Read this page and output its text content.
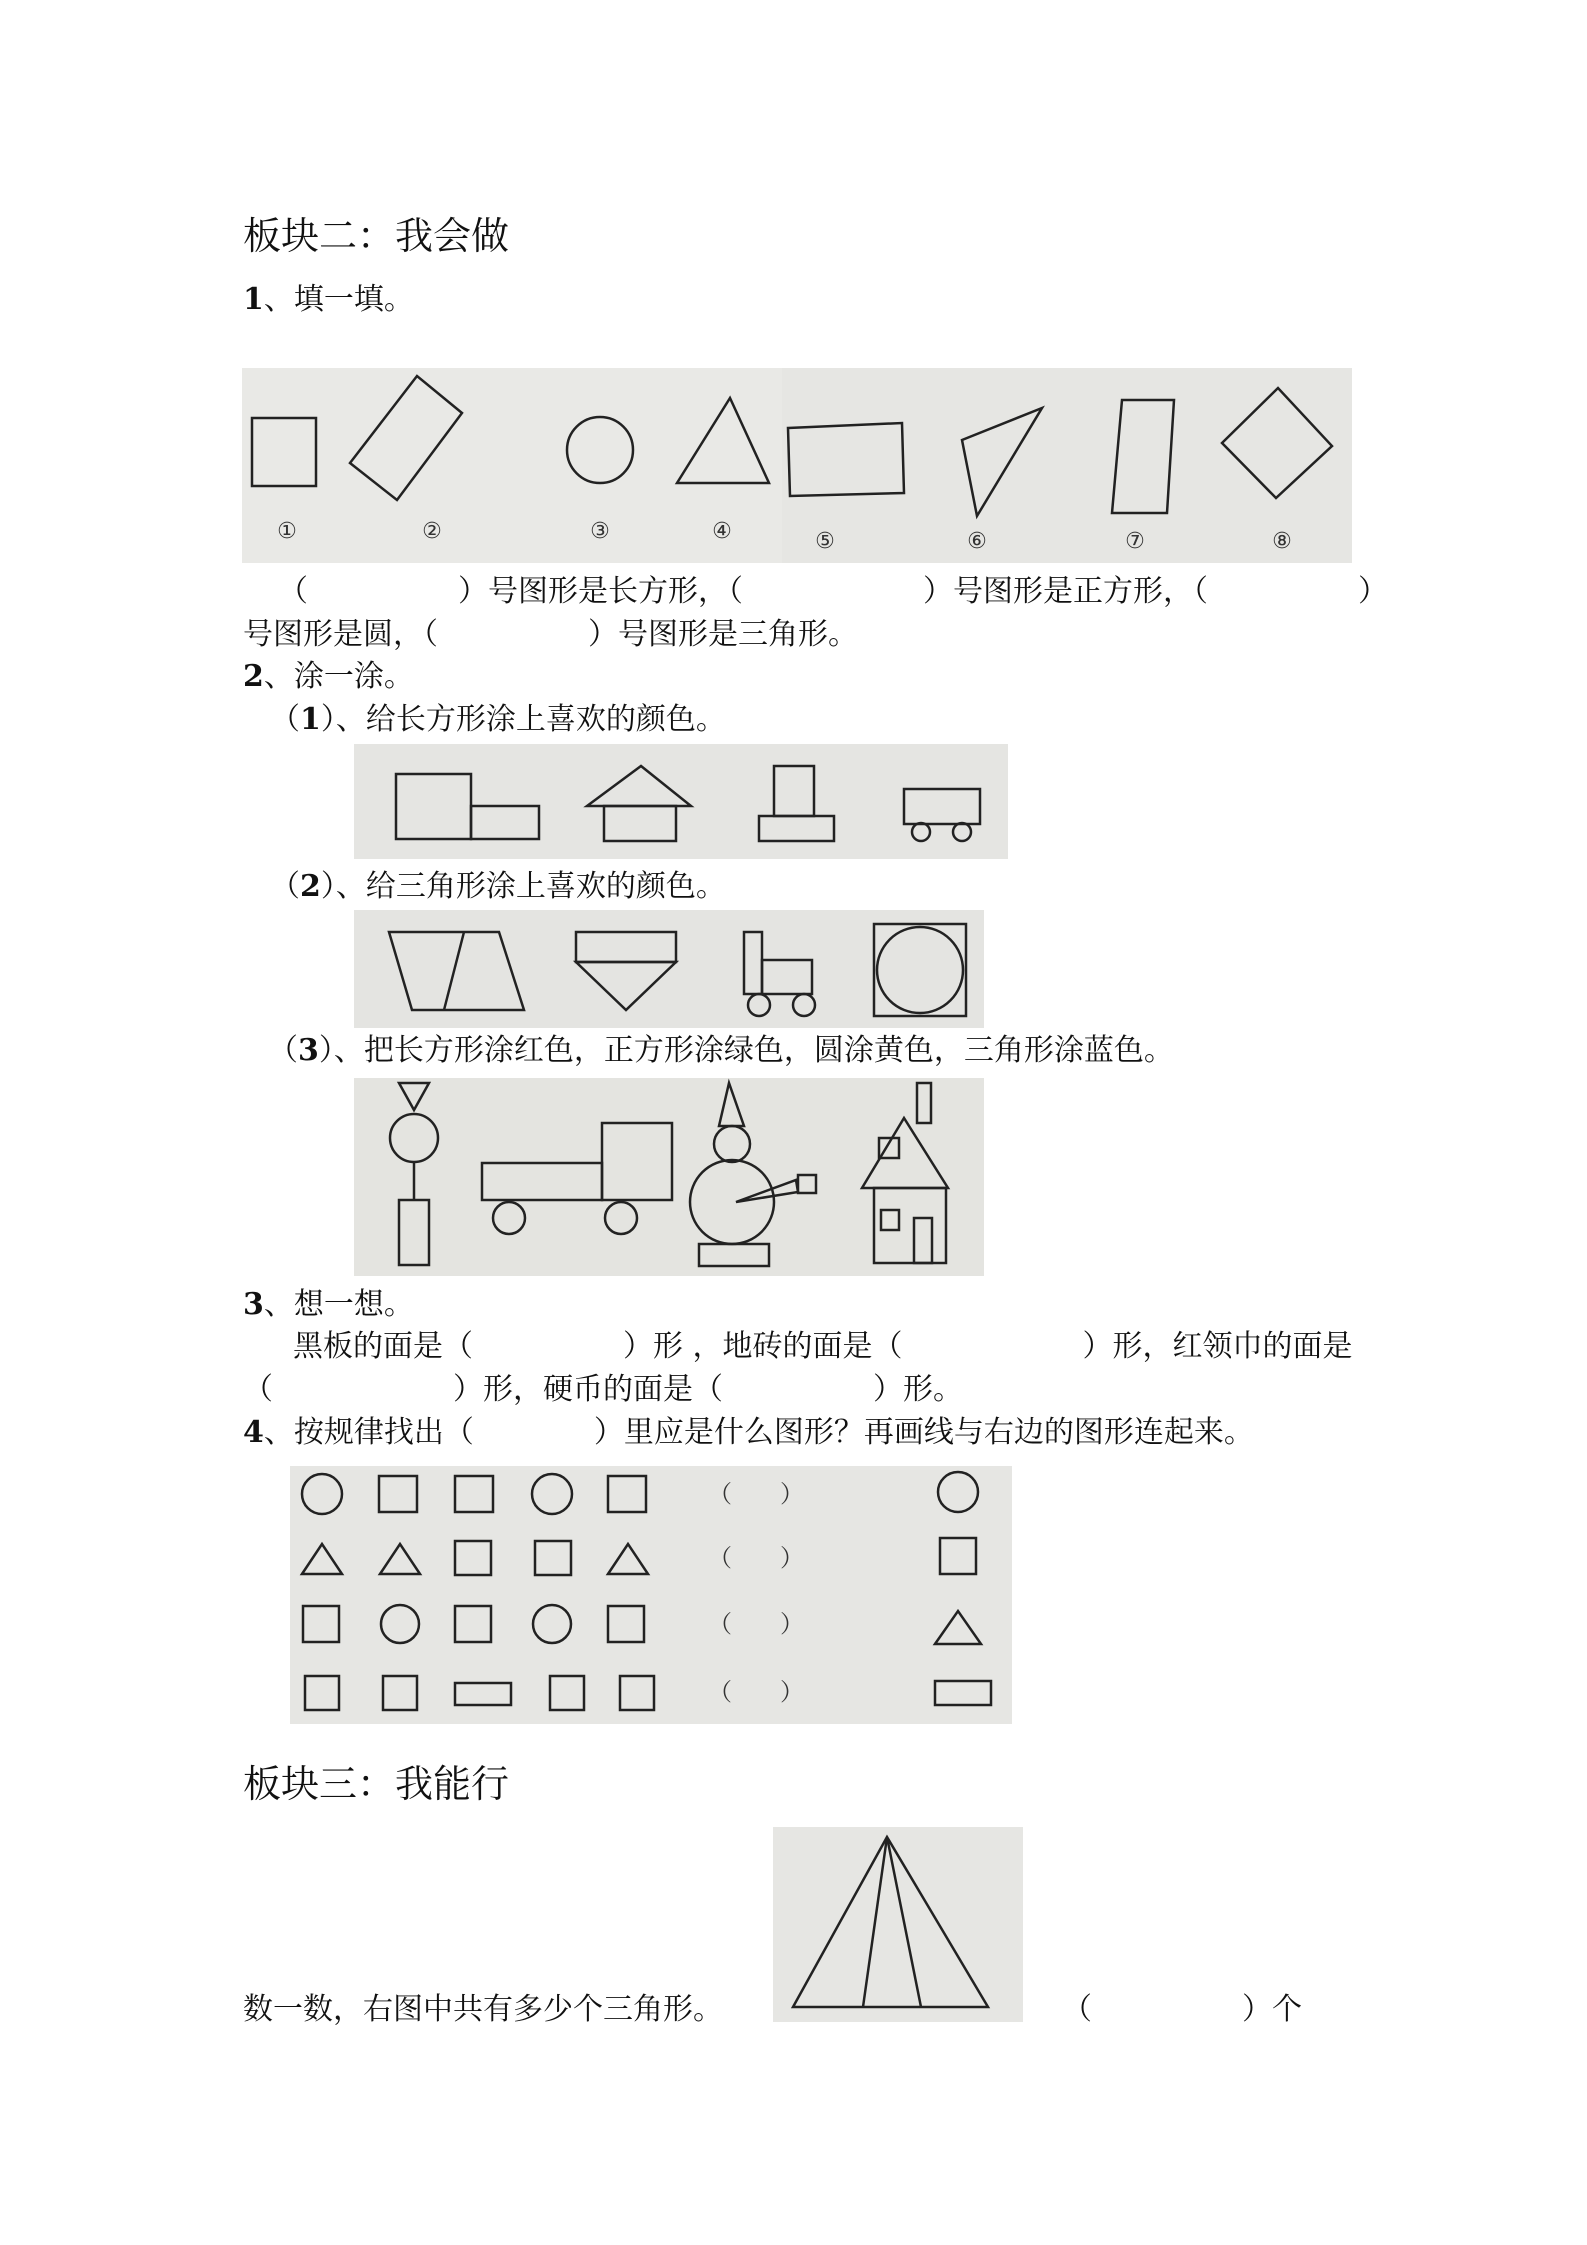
板块二：我会做
1、填一填。
①	②	③	④	⑤	⑥	⑦	⑧
（　　　　　）号图形是长方形，（　　　　　　）号图形是正方形，（　　　　　）
号图形是圆，（　　　　　）号图形是三角形。
2、涂一涂。
（1）、给长方形涂上喜欢的颜色。
（2）、给三角形涂上喜欢的颜色。
（3）、把长方形涂红色，正方形涂绿色，圆涂黄色，三角形涂蓝色。
3、想一想。
黑板的面是（　　　　　）形 ，地砖的面是（　　　　　　）形，红领巾的面是
（　　　　　　）形，硬币的面是（　　　　　）形。
4、按规律找出（　　　　）里应是什么图形？再画线与右边的图形连起来。
（　　）
（　　）
（　　）
（　　）
板块三：我能行
数一数，右图中共有多少个三角形。	（　　　　　）个
